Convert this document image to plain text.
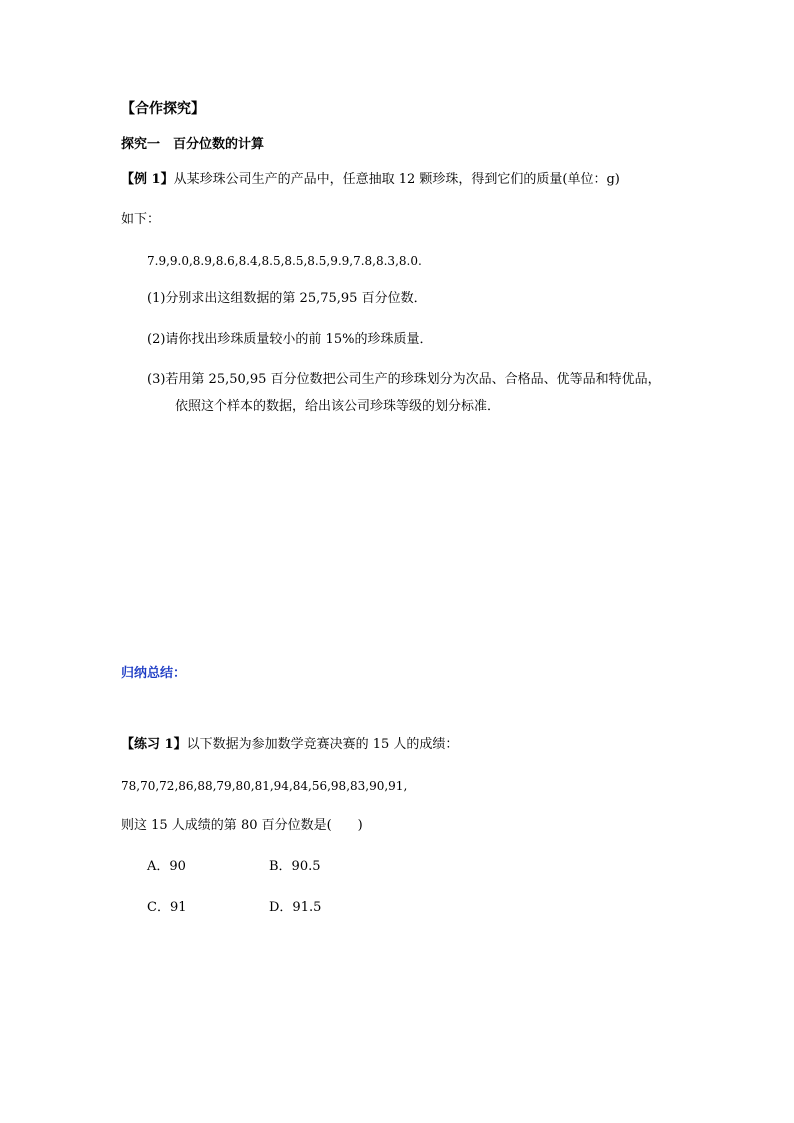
【合作探究】
探究一　百分位数的计算
【例 1】从某珍珠公司生产的产品中，任意抽取 12 颗珍珠，得到它们的质量(单位：g)
如下：
7.9,9.0,8.9,8.6,8.4,8.5,8.5,8.5,9.9,7.8,8.3,8.0.
(1)分别求出这组数据的第 25,75,95 百分位数．
(2)请你找出珍珠质量较小的前 15%的珍珠质量．
(3)若用第 25,50,95 百分位数把公司生产的珍珠划分为次品、合格品、优等品和特优品，
依照这个样本的数据，给出该公司珍珠等级的划分标准．
归纳总结：
【练习 1】以下数据为参加数学竞赛决赛的 15 人的成绩：
78,70,72,86,88,79,80,81,94,84,56,98,83,90,91,
则这 15 人成绩的第 80 百分位数是(　　)
A．90	B．90.5
C．91	D．91.5
